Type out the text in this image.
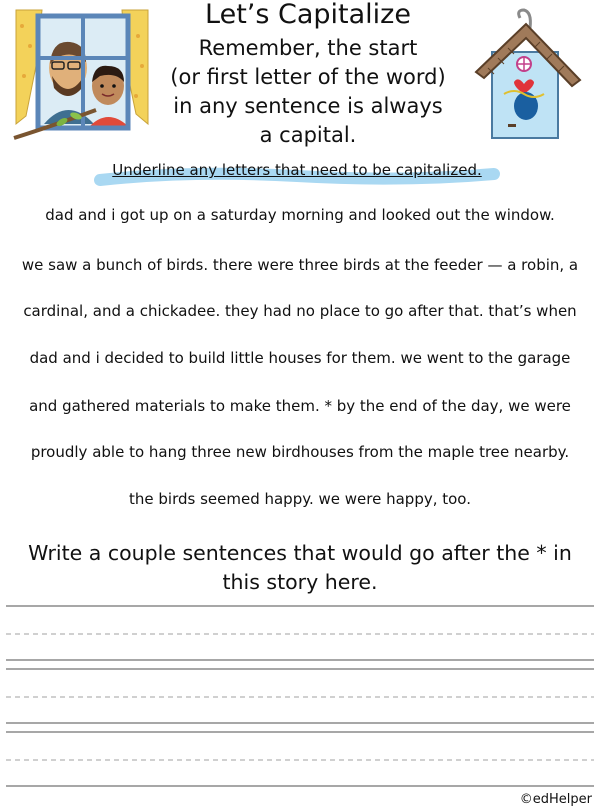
Let’s Capitalize
Remember, the start
(or first letter of the word)
in any sentence is always
a capital.
Underline any letters that need to be capitalized.
dad and i got up on a saturday morning and looked out the window.
we saw a bunch of birds. there were three birds at the feeder — a robin, a
cardinal, and a chickadee. they had no place to go after that. that’s when
dad and i decided to build little houses for them. we went to the garage
and gathered materials to make them. * by the end of the day, we were
proudly able to hang three new birdhouses from the maple tree nearby.
the birds seemed happy. we were happy, too.
Write a couple sentences that would go after the * in
this story here.
©edHelper
